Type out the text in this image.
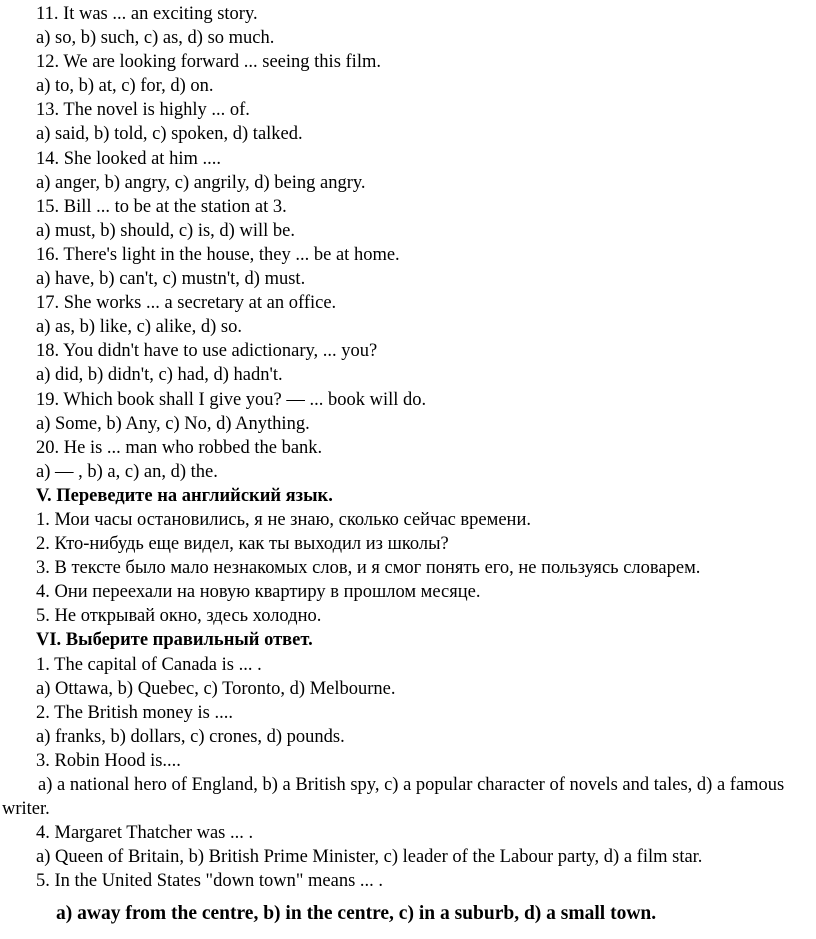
11. It was ... an exciting story.
a) so, b) such, c) as, d) so much.
12. We are looking forward ... seeing this film.
a) to, b) at, c) for, d) on.
13. The novel is highly ... of.
a) said, b) told, c) spoken, d) talked.
14. She looked at him ....
a) anger, b) angry, c) angrily, d) being angry.
15. Bill ... to be at the station at 3.
a) must, b) should, c) is, d) will be.
16. There's light in the house, they ... be at home.
a) have, b) can't, c) mustn't, d) must.
17. She works ... a secretary at an office.
a) as, b) like, c) alike, d) so.
18. You didn't have to use adictionary, ... you?
a) did, b) didn't, c) had, d) hadn't.
19. Which book shall I give you? — ... book will do.
a) Some, b) Any, c) No, d) Anything.
20. He is ... man who robbed the bank.
a) — , b) a, c) an, d) the.
V. Переведите на английский язык.
1. Мои часы остановились, я не знаю, сколько сейчас времени.
2. Кто-нибудь еще видел, как ты выходил из школы?
3. В тексте было мало незнакомых слов, и я смог понять его, не пользуясь словарем.
4. Они переехали на новую квартиру в прошлом месяце.
5. Не открывай окно, здесь холодно.
VI. Выберите правильный ответ.
1. The capital of Canada is ... .
a) Ottawa, b) Quebec, c) Toronto, d) Melbourne.
2. The British money is ....
a) franks, b) dollars, c) crones, d) pounds.
3. Robin Hood is....
a) a national hero of England, b) a British spy, c) a popular character of novels and tales, d) a famous writer.
4. Margaret Thatcher was ... .
a) Queen of Britain, b) British Prime Minister, c) leader of the Labour party, d) a film star.
5. In the United States "down town" means ... .
a) away from the centre, b) in the centre, c) in a suburb, d) a small town.
